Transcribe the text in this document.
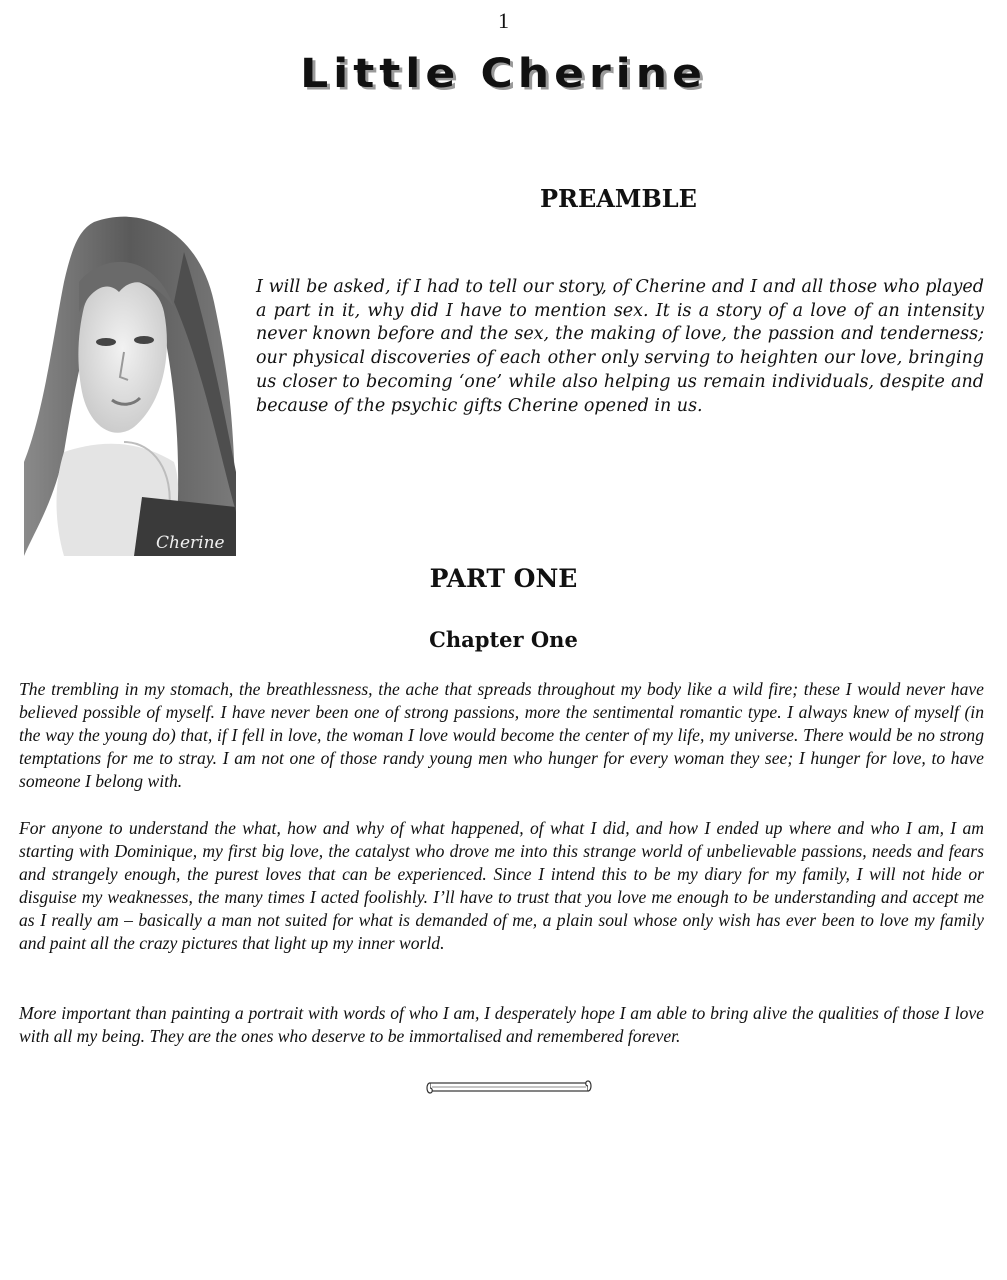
1
Little Cherine
PREAMBLE
Cherine
I will be asked, if I had to tell our story, of Cherine and I and all those who played a part in it, why did I have to mention sex. It is a story of a love of an intensity never known before and the sex, the making of love, the passion and tenderness; our physical discoveries of each other only serving to heighten our love, bringing us closer to becoming ‘one’ while also helping us remain individuals, despite and because of the psychic gifts Cherine opened in us.
PART ONE
Chapter One

The trembling in my stomach, the breathlessness, the ache that spreads throughout my body like a wild fire; these I would never have believed possible of myself. I have never been one of strong passions, more the sentimental romantic type. I always knew of myself (in the way the young do) that, if I fell in love, the woman I love would become the center of my life, my universe. There would be no strong temptations for me to stray. I am not one of those randy young men who hunger for every woman they see; I hunger for love, to have someone I belong with.

For anyone to understand the what, how and why of what happened, of what I did, and how I ended up where and who I am, I am starting with Dominique, my first big love, the catalyst who drove me into this strange world of unbelievable passions, needs and fears and strangely enough, the purest loves that can be experienced. Since I intend this to be my diary for my family, I will not hide or disguise my weaknesses, the many times I acted foolishly. I’ll have to trust that you love me enough to be understanding and accept me as I really am – basically a man not suited for what is demanded of me, a plain soul whose only wish has ever been to love my family and paint all the crazy pictures that light up my inner world.

More important than painting a portrait with words of who I am, I desperately hope I am able to bring alive the qualities of those I love with all my being. They are the ones who deserve to be immortalised and remembered forever.
